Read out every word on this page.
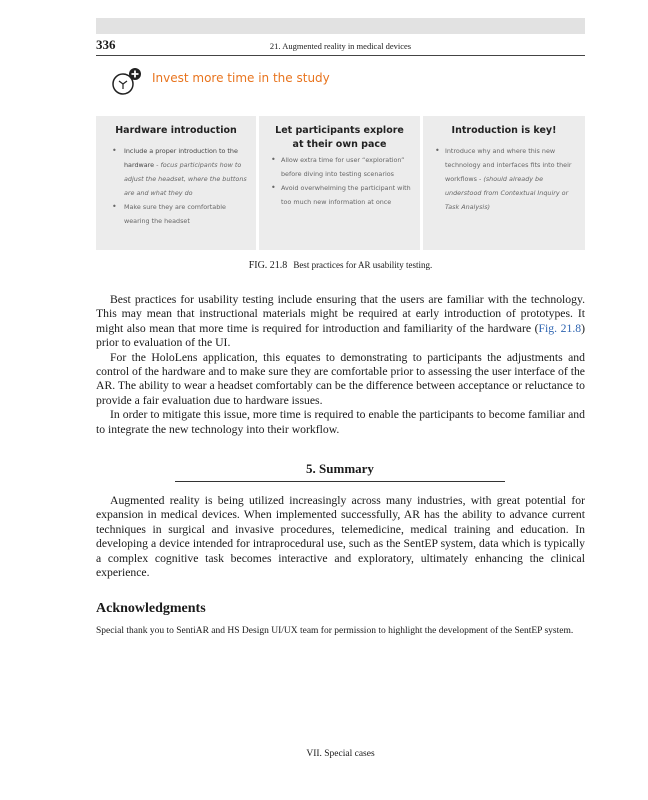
336	21. Augmented reality in medical devices
Invest more time in the study
Hardware introduction
• Include a proper introduction to the hardware - focus participants how to adjust the headset, where the buttons are and what they do
• Make sure they are comfortable wearing the headset
Let participants explore
at their own pace
• Allow extra time for user “exploration” before diving into testing scenarios
• Avoid overwhelming the participant with too much new information at once
Introduction is key!
• Introduce why and where this new technology and interfaces fits into their workflows - (should already be understood from Contextual Inquiry or Task Analysis)
FIG. 21.8 Best practices for AR usability testing.

Best practices for usability testing include ensuring that the users are familiar with the technology. This may mean that instructional materials might be required at early introduction of prototypes. It might also mean that more time is required for introduction and familiarity of the hardware (Fig. 21.8) prior to evaluation of the UI.

For the HoloLens application, this equates to demonstrating to participants the adjustments and control of the hardware and to make sure they are comfortable prior to assessing the user interface of the AR. The ability to wear a headset comfortably can be the difference between acceptance or reluctance to provide a fair evaluation due to hardware issues.

In order to mitigate this issue, more time is required to enable the participants to become familiar and to integrate the new technology into their workflow.

5. Summary

Augmented reality is being utilized increasingly across many industries, with great potential for expansion in medical devices. When implemented successfully, AR has the ability to advance current techniques in surgical and invasive procedures, telemedicine, medical training and education. In developing a device intended for intraprocedural use, such as the SentEP system, data which is typically a complex cognitive task becomes interactive and exploratory, ultimately enhancing the clinical experience.

Acknowledgments
Special thank you to SentiAR and HS Design UI/UX team for permission to highlight the development of the SentEP system.
VII. Special cases
